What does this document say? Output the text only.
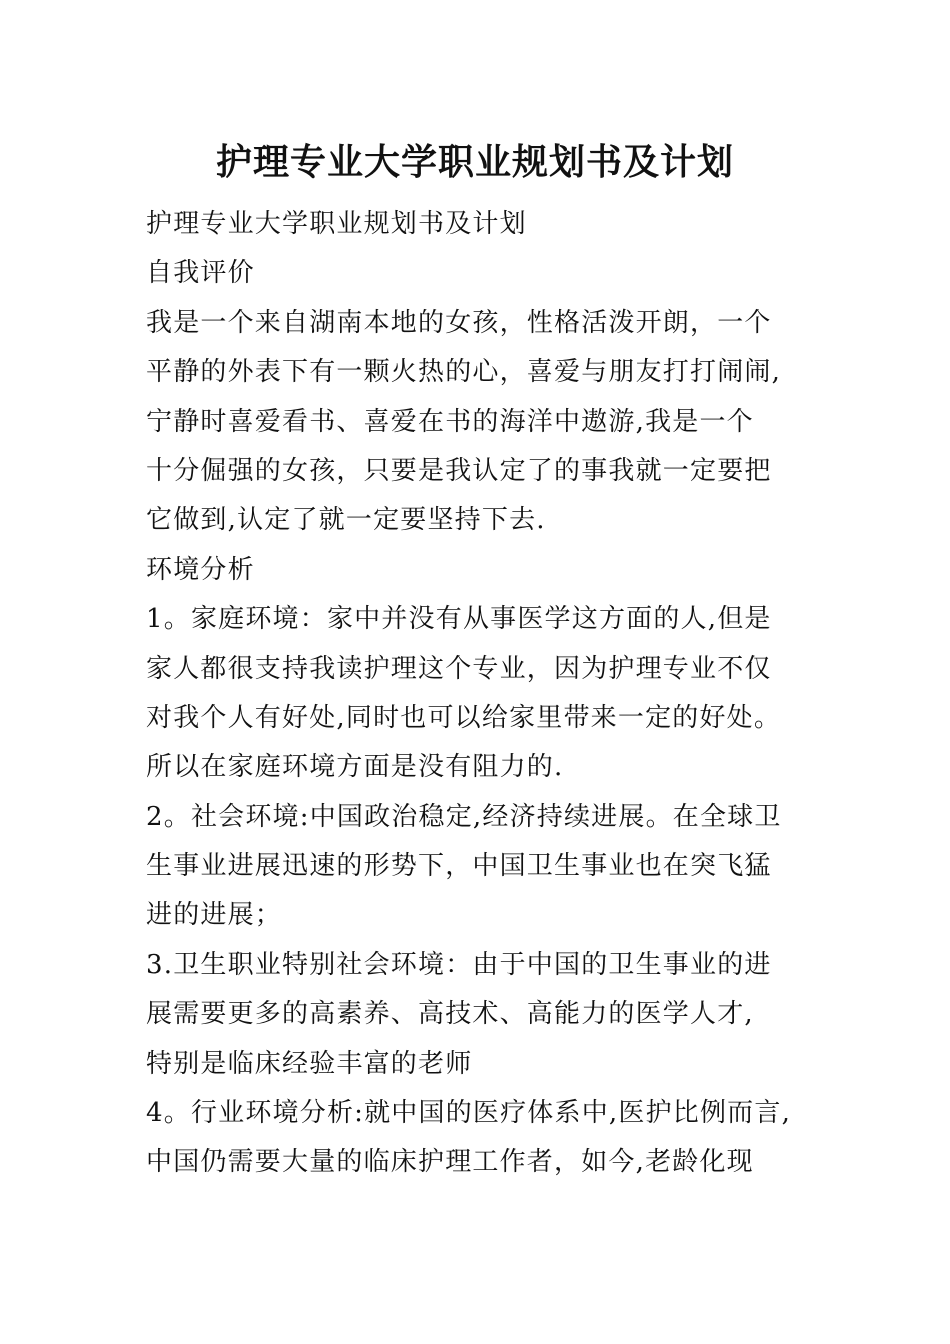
护理专业大学职业规划书及计划
护理专业大学职业规划书及计划
自我评价
我是一个来自湖南本地的女孩，性格活泼开朗，一个
平静的外表下有一颗火热的心，喜爱与朋友打打闹闹,
宁静时喜爱看书、喜爱在书的海洋中遨游,我是一个
十分倔强的女孩，只要是我认定了的事我就一定要把
它做到,认定了就一定要坚持下去.
环境分析
1。家庭环境：家中并没有从事医学这方面的人,但是
家人都很支持我读护理这个专业，因为护理专业不仅
对我个人有好处,同时也可以给家里带来一定的好处。
所以在家庭环境方面是没有阻力的.
2。社会环境:中国政治稳定,经济持续进展。在全球卫
生事业进展迅速的形势下，中国卫生事业也在突飞猛
进的进展；
3.卫生职业特别社会环境：由于中国的卫生事业的进
展需要更多的高素养、高技术、高能力的医学人才,
特别是临床经验丰富的老师
4。行业环境分析:就中国的医疗体系中,医护比例而言,
中国仍需要大量的临床护理工作者，如今,老龄化现
